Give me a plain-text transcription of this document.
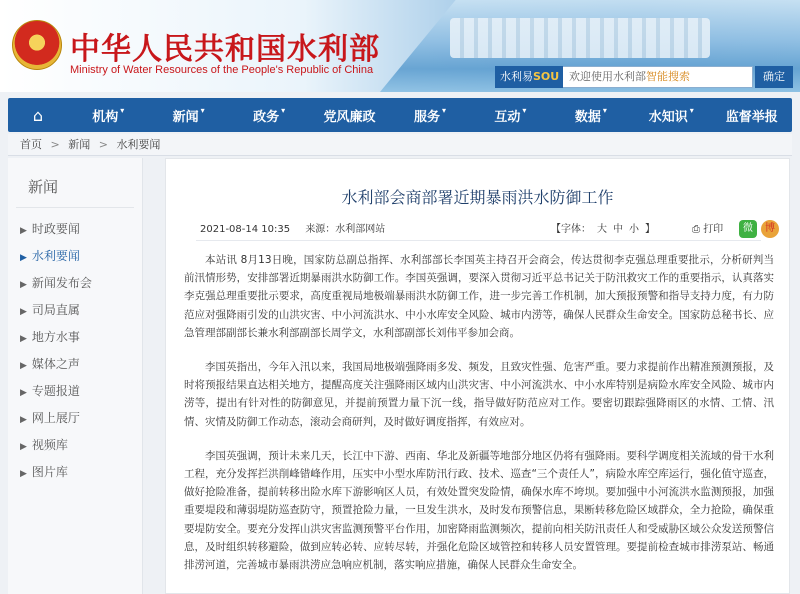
★ 中华人民共和国水利部
Ministry of Water Resources of the People's Republic of China	水利易SOU 欢迎使用水利部智能搜索	确定
⌂	机构 ▾	新闻 ▾	政务 ▾	党风廉政	服务 ▾	互动 ▾	数据 ▾	水知识 ▾	监督举报
首页 > 新闻 > 水利要闻
新闻
▶ 时政要闻
▶ 水利要闻
▶ 新闻发布会
▶ 司局直属
▶ 地方水事
▶ 媒体之声
▶ 专题报道
▶ 网上展厅
▶ 视频库
▶ 图片库
水利部会商部署近期暴雨洪水防御工作
2021-08-14 10:35 来源：水利部网站	【字体： 大 中 小 】	⎙ 打印	微	博

本站讯 8月13日晚，国家防总副总指挥、水利部部长李国英主持召开会商会，传达贯彻李克强总理重要批示，分析研判当前汛情形势，安排部署近期暴雨洪水防御工作。李国英强调，要深入贯彻习近平总书记关于防汛救灾工作的重要指示，认真落实李克强总理重要批示要求，高度重视局地极端暴雨洪水防御工作，进一步完善工作机制，加大预报预警和指导支持力度，有力防范应对强降雨引发的山洪灾害、中小河流洪水、中小水库安全风险、城市内涝等，确保人民群众生命安全。国家防总秘书长、应急管理部副部长兼水利部副部长周学文，水利部副部长刘伟平参加会商。

李国英指出，今年入汛以来，我国局地极端强降雨多发、频发，且致灾性强、危害严重。要力求提前作出精准预测预报，及时将预报结果直达相关地方，提醒高度关注强降雨区域内山洪灾害、中小河流洪水、中小水库特别是病险水库安全风险、城市内涝等，提出有针对性的防御意见，并提前预置力量下沉一线，指导做好防范应对工作。要密切跟踪强降雨区的水情、工情、汛情、灾情及防御工作动态，滚动会商研判，及时做好调度指挥，有效应对。

李国英强调，预计未来几天，长江中下游、西南、华北及新疆等地部分地区仍将有强降雨。要科学调度相关流域的骨干水利工程，充分发挥拦洪削峰错峰作用，压实中小型水库防汛行政、技术、巡查“三个责任人”，病险水库空库运行，强化值守巡查，做好抢险准备，提前转移出险水库下游影响区人员，有效处置突发险情，确保水库不垮坝。要加强中小河流洪水监测预报，加强重要堤段和薄弱堤防巡查防守，预置抢险力量，一旦发生洪水，及时发布预警信息，果断转移危险区域群众，全力抢险，确保重要堤防安全。要充分发挥山洪灾害监测预警平台作用，加密降雨监测频次，提前向相关防汛责任人和受威胁区域公众发送预警信息，及时组织转移避险，做到应转必转、应转尽转，并强化危险区域管控和转移人员安置管理。要提前检查城市排涝泵站、畅通排涝河道，完善城市暴雨洪涝应急响应机制，落实响应措施，确保人民群众生命安全。
